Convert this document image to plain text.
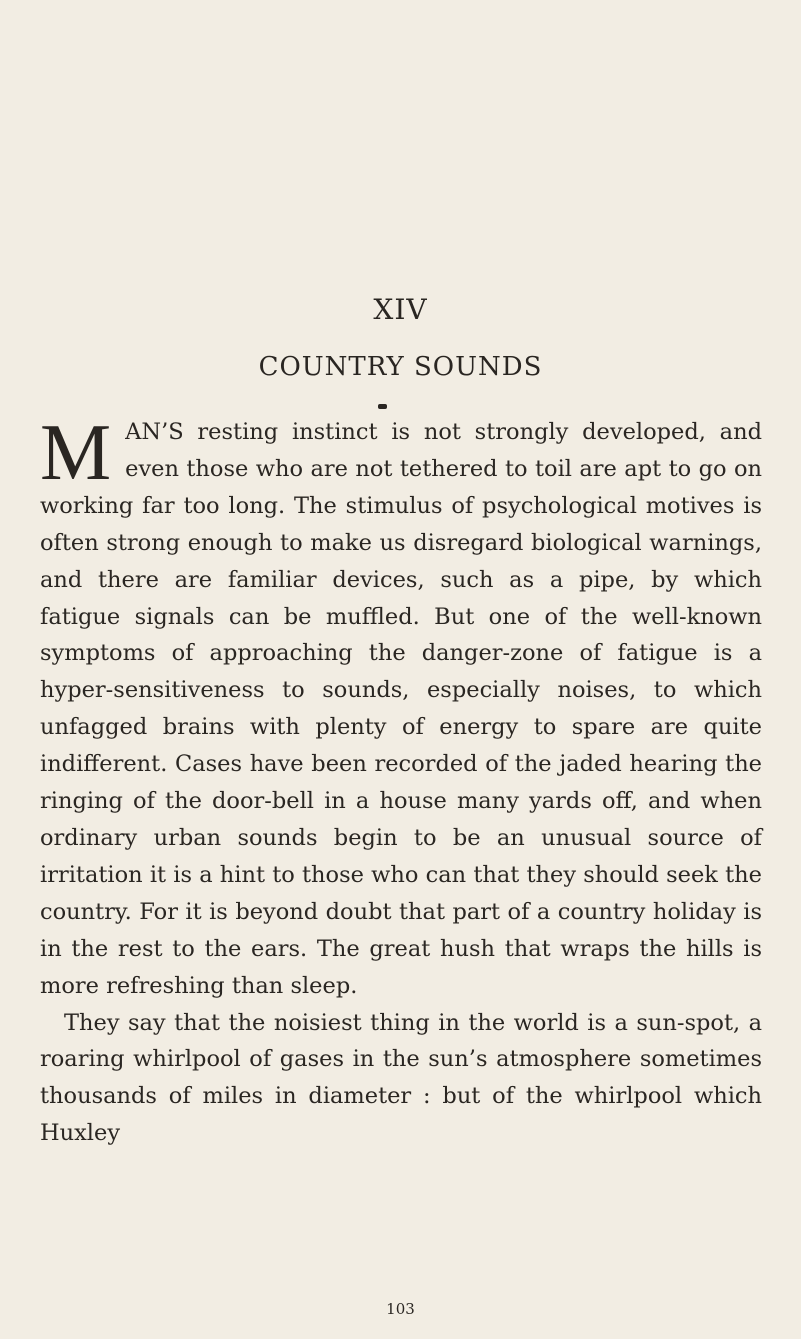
XIV
COUNTRY SOUNDS

MAN’S resting instinct is not strongly developed, and even those who are not tethered to toil are apt to go on working far too long. The stimulus of psychological motives is often strong enough to make us disregard biological warnings, and there are familiar devices, such as a pipe, by which fatigue signals can be muffled. But one of the well-known symptoms of approaching the danger-zone of fatigue is a hyper-sensitiveness to sounds, especially noises, to which unfagged brains with plenty of energy to spare are quite indifferent. Cases have been recorded of the jaded hearing the ringing of the door-bell in a house many yards off, and when ordinary urban sounds begin to be an unusual source of irritation it is a hint to those who can that they should seek the country. For it is beyond doubt that part of a country holiday is in the rest to the ears. The great hush that wraps the hills is more refreshing than sleep.

They say that the noisiest thing in the world is a sun-spot, a roaring whirlpool of gases in the sun’s atmosphere sometimes thousands of miles in diameter : but of the whirlpool which Huxley

103
